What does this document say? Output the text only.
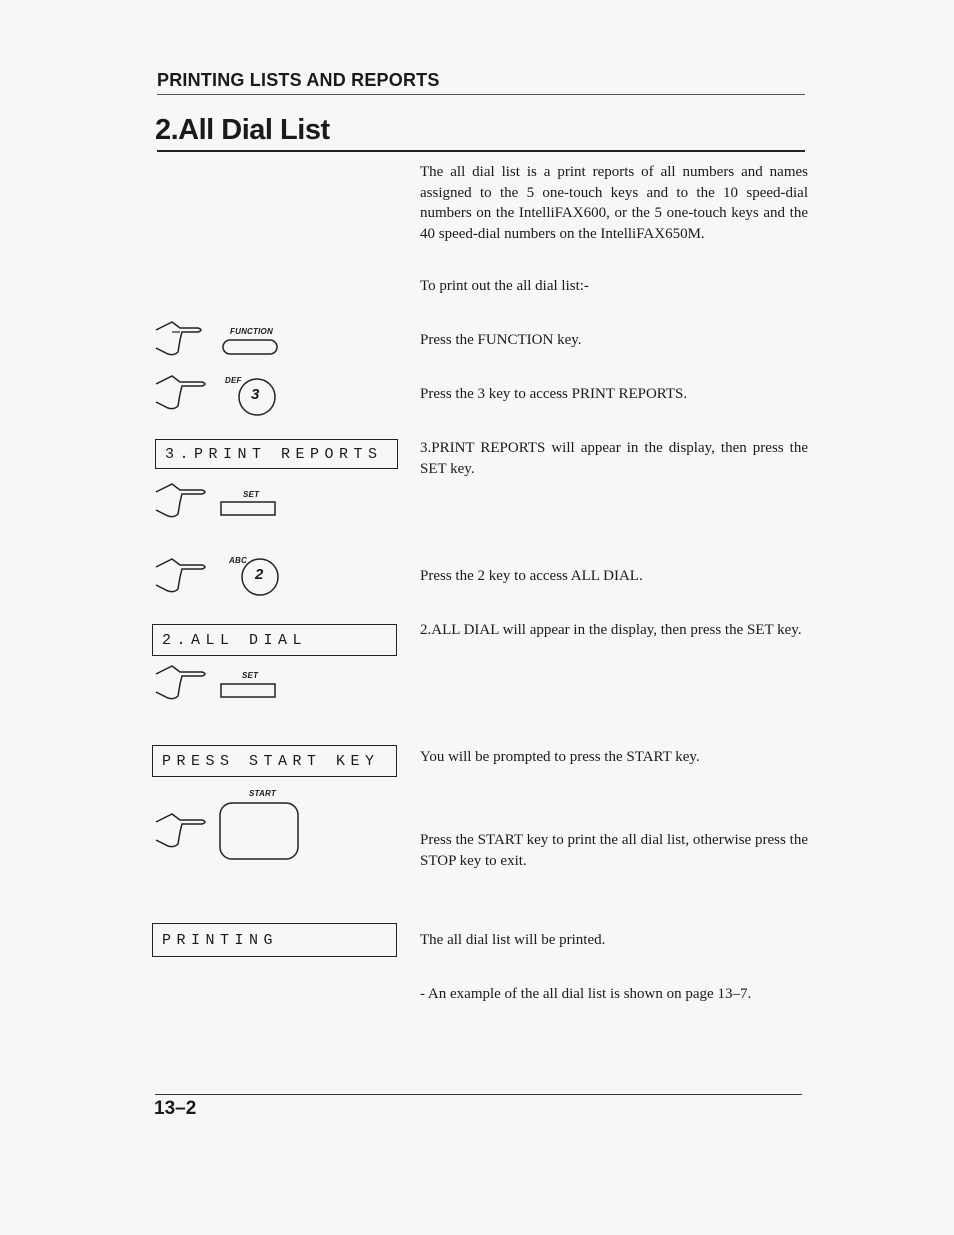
PRINTING LISTS AND REPORTS
2.All Dial List
The all dial list is a print reports of all numbers and names assigned to the 5 one-touch keys and to the 10 speed-dial numbers on the IntelliFAX600, or the 5 one-touch keys and the 40 speed-dial numbers on the IntelliFAX650M.
To print out the all dial list:-
FUNCTION
Press the FUNCTION key.
DEF
3	Press the 3 key to access PRINT REPORTS.
3.PRINT REPORTS	3.PRINT REPORTS will appear in the display, then press the SET key.
SET
ABC
2	Press the 2 key to access ALL DIAL.
2.ALL DIAL
2.ALL DIAL will appear in the display, then press the SET key.
SET
PRESS START KEY	You will be prompted to press the START key.
START
Press the START key to print the all dial list, otherwise press the STOP key to exit.
PRINTING	The all dial list will be printed.
- An example of the all dial list is shown on page 13–7.
13–2
